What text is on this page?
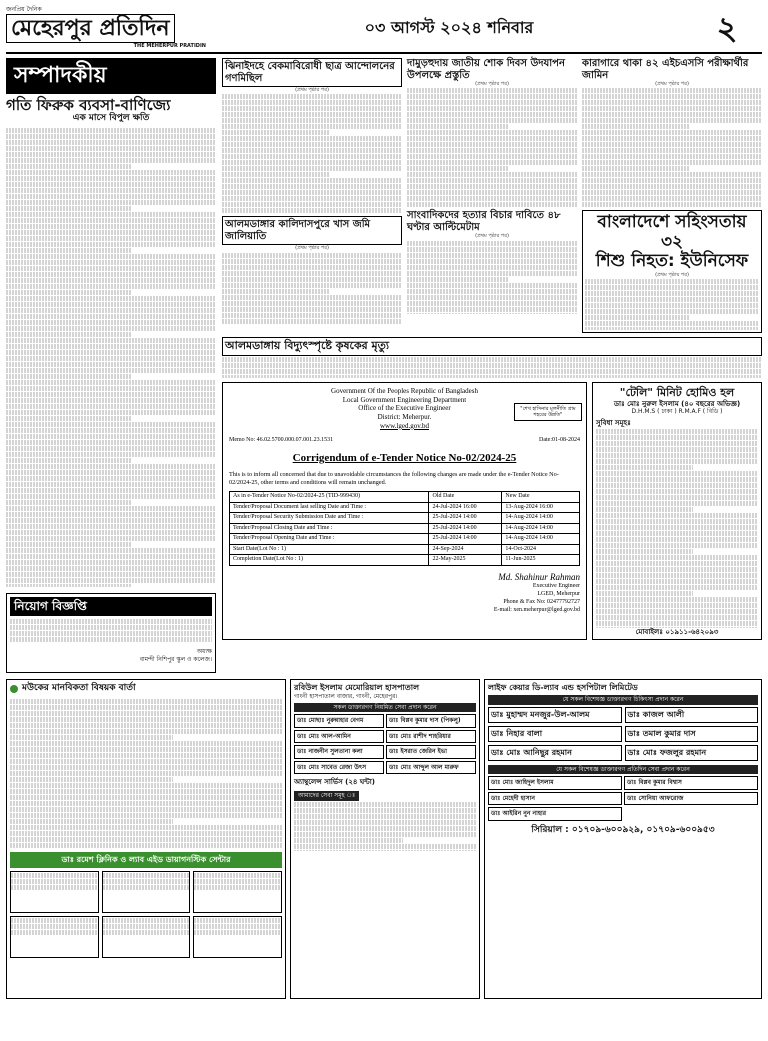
জনপ্রিয় দৈনিক
মেহেরপুর প্রতিদিন
THE MEHERPUR PRATIDIN
০৩ আগস্ট ২০২৪ শনিবার	২
সম্পাদকীয়
গতি ফিরুক ব্যবসা-বাণিজ্যে
এক মাসে বিপুল ক্ষতি
নিয়োগ বিজ্ঞপ্তি
অধ্যক্ষ
বামন্দী নিশিপুর স্কুল ও কলেজ।
ঝিনাইদহে বেকমাবিরোধী ছাত্র আন্দোলনের গণমিছিল
(প্রথম পৃষ্ঠার পর)
আলমডাঙ্গার কালিদাসপুরে খাস জমি জালিয়াতি
(প্রথম পৃষ্ঠার পর)
দামুড়হুদায় জাতীয় শোক দিবস উদযাপন উপলক্ষে প্রস্তুতি
(প্রথম পৃষ্ঠার পর)
সাংবাদিকদের হত্যার বিচার দাবিতে ৪৮ ঘণ্টার আল্টিমেটাম
(প্রথম পৃষ্ঠার পর)
কারাগারে থাকা ৪২ এইচএসসি পরীক্ষার্থীর জামিন
(প্রথম পৃষ্ঠার পর)
বাংলাদেশে সহিংসতায় ৩২
শিশু নিহত: ইউনিসেফ
(প্রথম পৃষ্ঠার পর)
আলমডাঙ্গায় বিদ্যুৎস্পৃষ্টে কৃষকের মৃত্যু
Government Of the Peoples Republic of Bangladesh
Local Government Engineering Department
Office of the Executive Engineer
District: Meherpur.
www.lged.gov.bd
"শেখ হাসিনার মূলনীতি গ্রাম শহরের উন্নতি"
Memo No: 46.02.5700.000.07.001.23.1531	Date:01-08-2024
Corrigendum of e-Tender Notice No-02/2024-25
This is to inform all concerned that due to unavoidable circumstances the following changes are made under the e-Tender Notice No-02/2024-25, other terms and conditions will remain unchanged.
As in e-Tender Notice No-02/2024-25 (TID-999430)	Old Date	New Date
Tender/Proposal Document last selling Date and Time :	24-Jul-2024 16:00	13-Aug-2024 16:00
Tender/Proposal Security Submission Date and Time :	25-Jul-2024 14:00	14-Aug-2024 14:00
Tender/Proposal Closing Date and Time :	25-Jul-2024 14:00	14-Aug-2024 14:00
Tender/Proposal Opening Date and Time :	25-Jul-2024 14:00	14-Aug-2024 14:00
Start Date(Lot No : 1)	24-Sep-2024	14-Oct-2024
Completion Date(Lot No : 1)	22-May-2025	11-Jun-2025
Md. Shahinur Rahman
Executive Engineer
LGED, Meherpur
Phone & Fax No: 02477792727
E-mail: xen.meherpur@lged.gov.bd
"টেলি" মিনিট হোমিও হল
ডাঃ মোঃ নুরুল ইসলাম (৪০ বছরের অভিজ্ঞ)
D.H.M.S ( ঢাকা ) R.M.A.F ( বিডি )
সুবিধা সমূহঃ
মোবাইলঃ ০১৯১১-৬৪২০৯৩
মউকের মানবিকতা বিষয়ক বার্তা
ডাঃ রমেশ ক্লিনিক ও ল্যাব এইড ডায়াগনস্টিক সেন্টার
রবিউল ইসলাম মেমোরিয়াল হাসপাতাল
গাংনী হাসপাতাল বাজার, গাংনী, মেহেরপুর।
সকল ডাক্তারগণ নিয়মিত সেবা প্রদান করেন
ডাঃ মোছাঃ নুরুন্নাহার বেগম	ডাঃ বিপ্লব কুমার দাস (পিকলু)
ডাঃ মোঃ আল-আমিন	ডাঃ মোঃ রাশীদ শাহরিয়ার
ডাঃ নাজনীন সুলতানা কলা	ডাঃ ইসরাত জেরিন ইভা
ডাঃ মোঃ সাবেত রেজা উৎস	ডাঃ মোঃ আব্দুল আল মারুফ
অ্যাম্বুলেন্স সার্ভিস (২৪ ঘন্টা)
আমাদের সেবা সমূহ ঃ
লাইফ কেয়ার ডি-ল্যাব এন্ড হসপিটাল লিমিটেড
যে সকল বিশেষজ্ঞ ডাক্তারগণ চিকিৎসা প্রদান করেন
ডাঃ মুহাম্মদ মনজুর-উল-আলম	ডাঃ কাজল আলী
ডাঃ নিহার বালা	ডাঃ তমাল কুমার দাস
ডাঃ মোঃ আনিছুর রহমান	ডাঃ মোঃ ফজলুর রহমান
যে সকল বিশেষজ্ঞ ডাক্তারগণ প্রতিদিন সেবা প্রদান করেন
ডাঃ মোঃ জাহিদুল ইসলাম	ডাঃ বিপ্লব কুমার বিশ্বাস
ডাঃ মেহেদী হাসান	ডাঃ সোনিয়া আফরোজ
ডাঃ আইরিন নুন নাহার
সিরিয়াল : ০১৭০৯-৬০০৯২৯, ০১৭০৯-৬০০৯৫৩
